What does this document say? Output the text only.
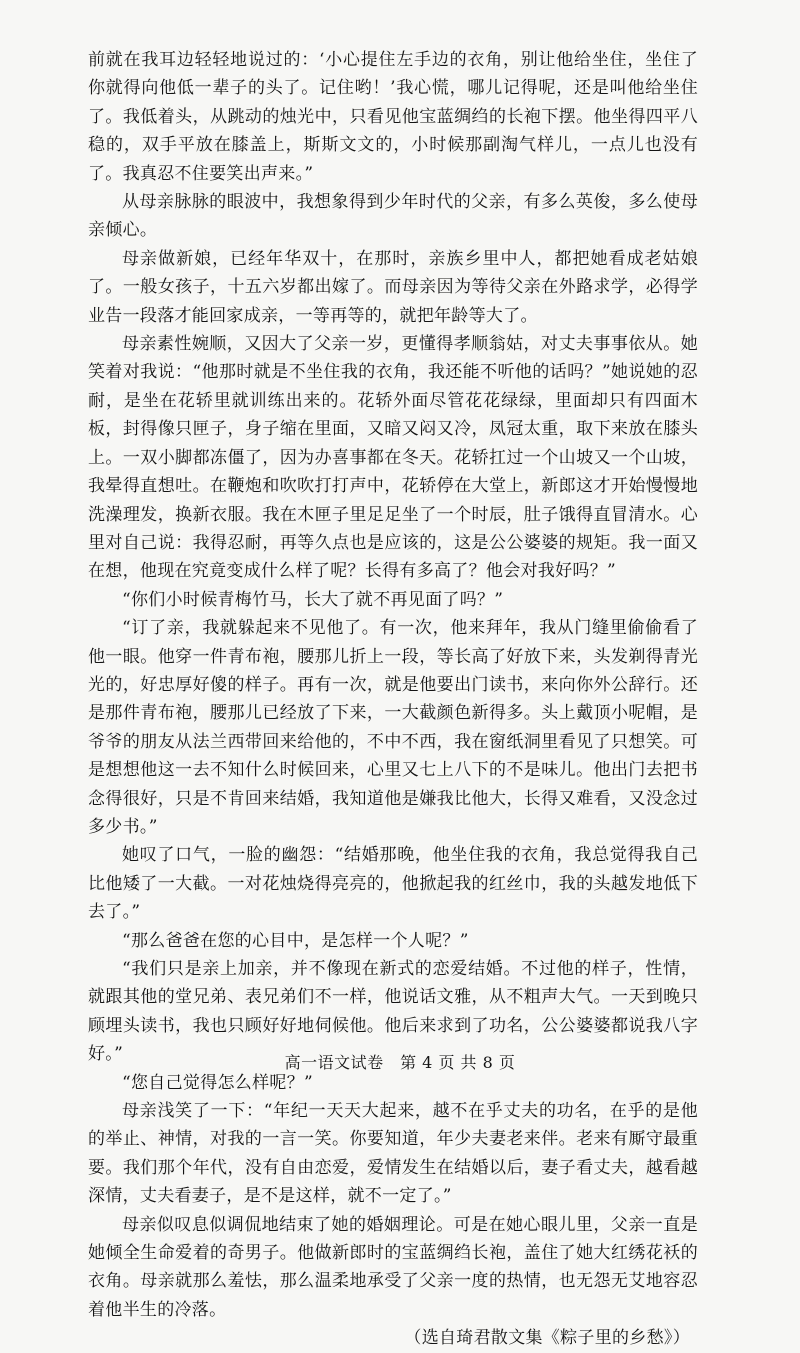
前就在我耳边轻轻地说过的：‘小心提住左手边的衣角，别让他给坐住，坐住了你就得向他低一辈子的头了。记住哟！’我心慌，哪儿记得呢，还是叫他给坐住了。我低着头，从跳动的烛光中，只看见他宝蓝绸绉的长袍下摆。他坐得四平八稳的，双手平放在膝盖上，斯斯文文的，小时候那副淘气样儿，一点儿也没有了。我真忍不住要笑出声来。”

从母亲脉脉的眼波中，我想象得到少年时代的父亲，有多么英俊，多么使母亲倾心。

母亲做新娘，已经年华双十，在那时，亲族乡里中人，都把她看成老姑娘了。一般女孩子，十五六岁都出嫁了。而母亲因为等待父亲在外路求学，必得学业告一段落才能回家成亲，一等再等的，就把年龄等大了。

母亲素性婉顺，又因大了父亲一岁，更懂得孝顺翁姑，对丈夫事事依从。她笑着对我说：“他那时就是不坐住我的衣角，我还能不听他的话吗？”她说她的忍耐，是坐在花轿里就训练出来的。花轿外面尽管花花绿绿，里面却只有四面木板，封得像只匣子，身子缩在里面，又暗又闷又冷，凤冠太重，取下来放在膝头上。一双小脚都冻僵了，因为办喜事都在冬天。花轿扛过一个山坡又一个山坡，我晕得直想吐。在鞭炮和吹吹打打声中，花轿停在大堂上，新郎这才开始慢慢地洗澡理发，换新衣服。我在木匣子里足足坐了一个时辰，肚子饿得直冒清水。心里对自己说：我得忍耐，再等久点也是应该的，这是公公婆婆的规矩。我一面又在想，他现在究竟变成什么样了呢？长得有多高了？他会对我好吗？”

“你们小时候青梅竹马，长大了就不再见面了吗？”

“订了亲，我就躲起来不见他了。有一次，他来拜年，我从门缝里偷偷看了他一眼。他穿一件青布袍，腰那儿折上一段，等长高了好放下来，头发剃得青光光的，好忠厚好傻的样子。再有一次，就是他要出门读书，来向你外公辞行。还是那件青布袍，腰那儿已经放了下来，一大截颜色新得多。头上戴顶小呢帽，是爷爷的朋友从法兰西带回来给他的，不中不西，我在窗纸洞里看见了只想笑。可是想想他这一去不知什么时候回来，心里又七上八下的不是味儿。他出门去把书念得很好，只是不肯回来结婚，我知道他是嫌我比他大，长得又难看，又没念过多少书。”

她叹了口气，一脸的幽怨：“结婚那晚，他坐住我的衣角，我总觉得我自己比他矮了一大截。一对花烛烧得亮亮的，他掀起我的红丝巾，我的头越发地低下去了。”

“那么爸爸在您的心目中，是怎样一个人呢？”

“我们只是亲上加亲，并不像现在新式的恋爱结婚。不过他的样子，性情，就跟其他的堂兄弟、表兄弟们不一样，他说话文雅，从不粗声大气。一天到晚只顾埋头读书，我也只顾好好地伺候他。他后来求到了功名，公公婆婆都说我八字好。”

“您自己觉得怎么样呢？”

母亲浅笑了一下：“年纪一天天大起来，越不在乎丈夫的功名，在乎的是他的举止、神情，对我的一言一笑。你要知道，年少夫妻老来伴。老来有厮守最重要。我们那个年代，没有自由恋爱，爱情发生在结婚以后，妻子看丈夫，越看越深情，丈夫看妻子，是不是这样，就不一定了。”

母亲似叹息似调侃地结束了她的婚姻理论。可是在她心眼儿里，父亲一直是她倾全生命爱着的奇男子。他做新郎时的宝蓝绸绉长袍，盖住了她大红绣花袄的衣角。母亲就那么羞怯，那么温柔地承受了父亲一度的热情，也无怨无艾地容忍着他半生的冷落。

（选自琦君散文集《粽子里的乡愁》）

高一语文试卷　第 4 页 共 8 页
